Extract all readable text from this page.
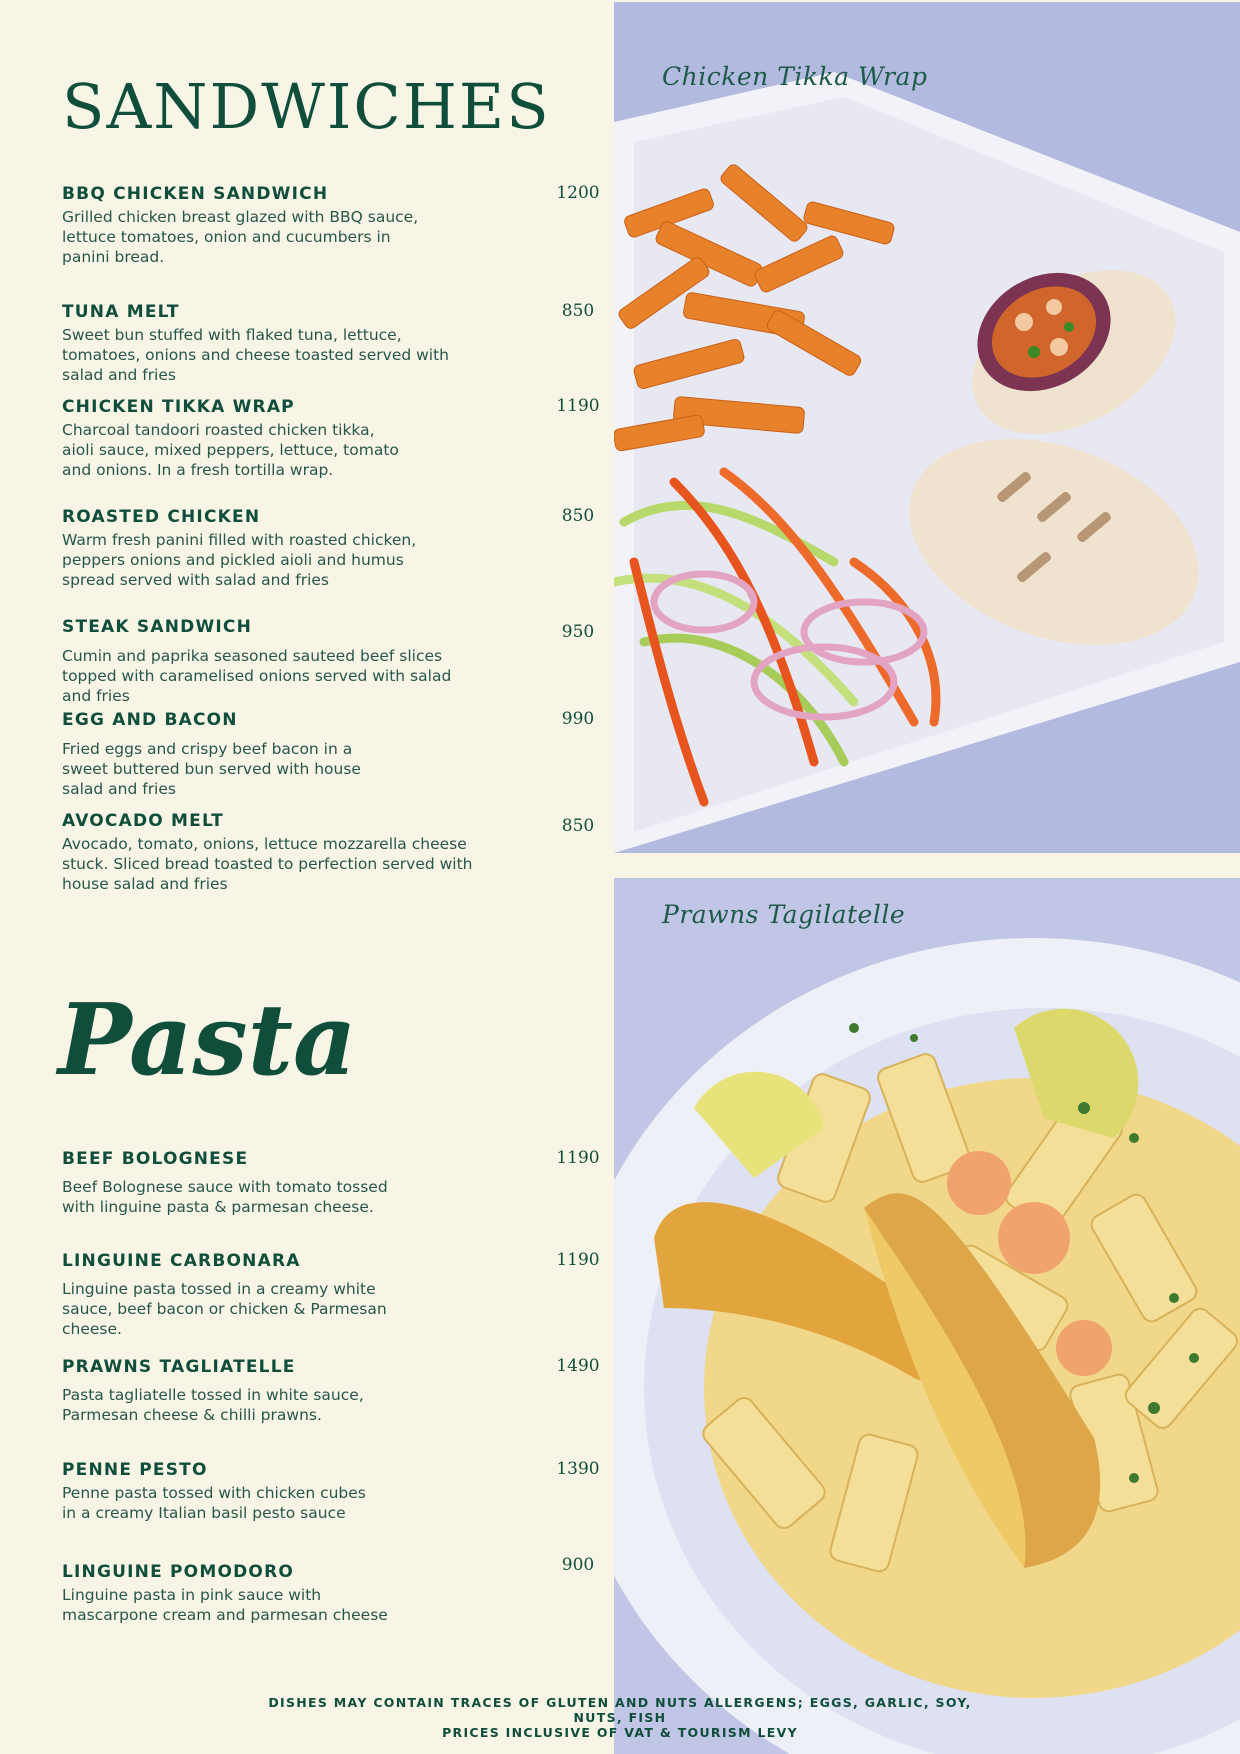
SANDWICHES
BBQ CHICKEN SANDWICH
Grilled chicken breast glazed with BBQ sauce, lettuce tomatoes, onion and cucumbers in panini bread.
1200
TUNA MELT
Sweet bun stuffed with flaked tuna, lettuce, tomatoes, onions and cheese toasted served with salad and fries
850
CHICKEN TIKKA WRAP
Charcoal tandoori roasted chicken tikka, aioli sauce, mixed peppers, lettuce, tomato and onions. In a fresh tortilla wrap.
1190
ROASTED CHICKEN
Warm fresh panini filled with roasted chicken, peppers onions and pickled aioli and humus spread served with salad and fries
850
STEAK SANDWICH
Cumin and paprika seasoned sauteed beef slices topped with caramelised onions served with salad and fries
950
EGG AND BACON
Fried eggs and crispy beef bacon in a sweet buttered bun served with house salad and fries
990
AVOCADO MELT
Avocado, tomato, onions, lettuce mozzarella cheese stuck. Sliced bread toasted to perfection served with house salad and fries
850
Pasta
BEEF BOLOGNESE
Beef Bolognese sauce with tomato tossed with linguine pasta & parmesan cheese.
1190
LINGUINE CARBONARA
Linguine pasta tossed in a creamy white sauce, beef bacon or chicken & Parmesan cheese.
1190
PRAWNS TAGLIATELLE
Pasta tagliatelle tossed in white sauce, Parmesan cheese & chilli prawns.
1490
PENNE PESTO
Penne pasta tossed with chicken cubes in a creamy Italian basil pesto sauce
1390
LINGUINE POMODORO
Linguine pasta in pink sauce with mascarpone cream and parmesan cheese
900
Chicken Tikka Wrap
Prawns Tagilatelle
DISHES MAY CONTAIN TRACES OF GLUTEN AND NUTS ALLERGENS; EGGS, GARLIC, SOY, NUTS, FISH
PRICES INCLUSIVE OF VAT & TOURISM LEVY
